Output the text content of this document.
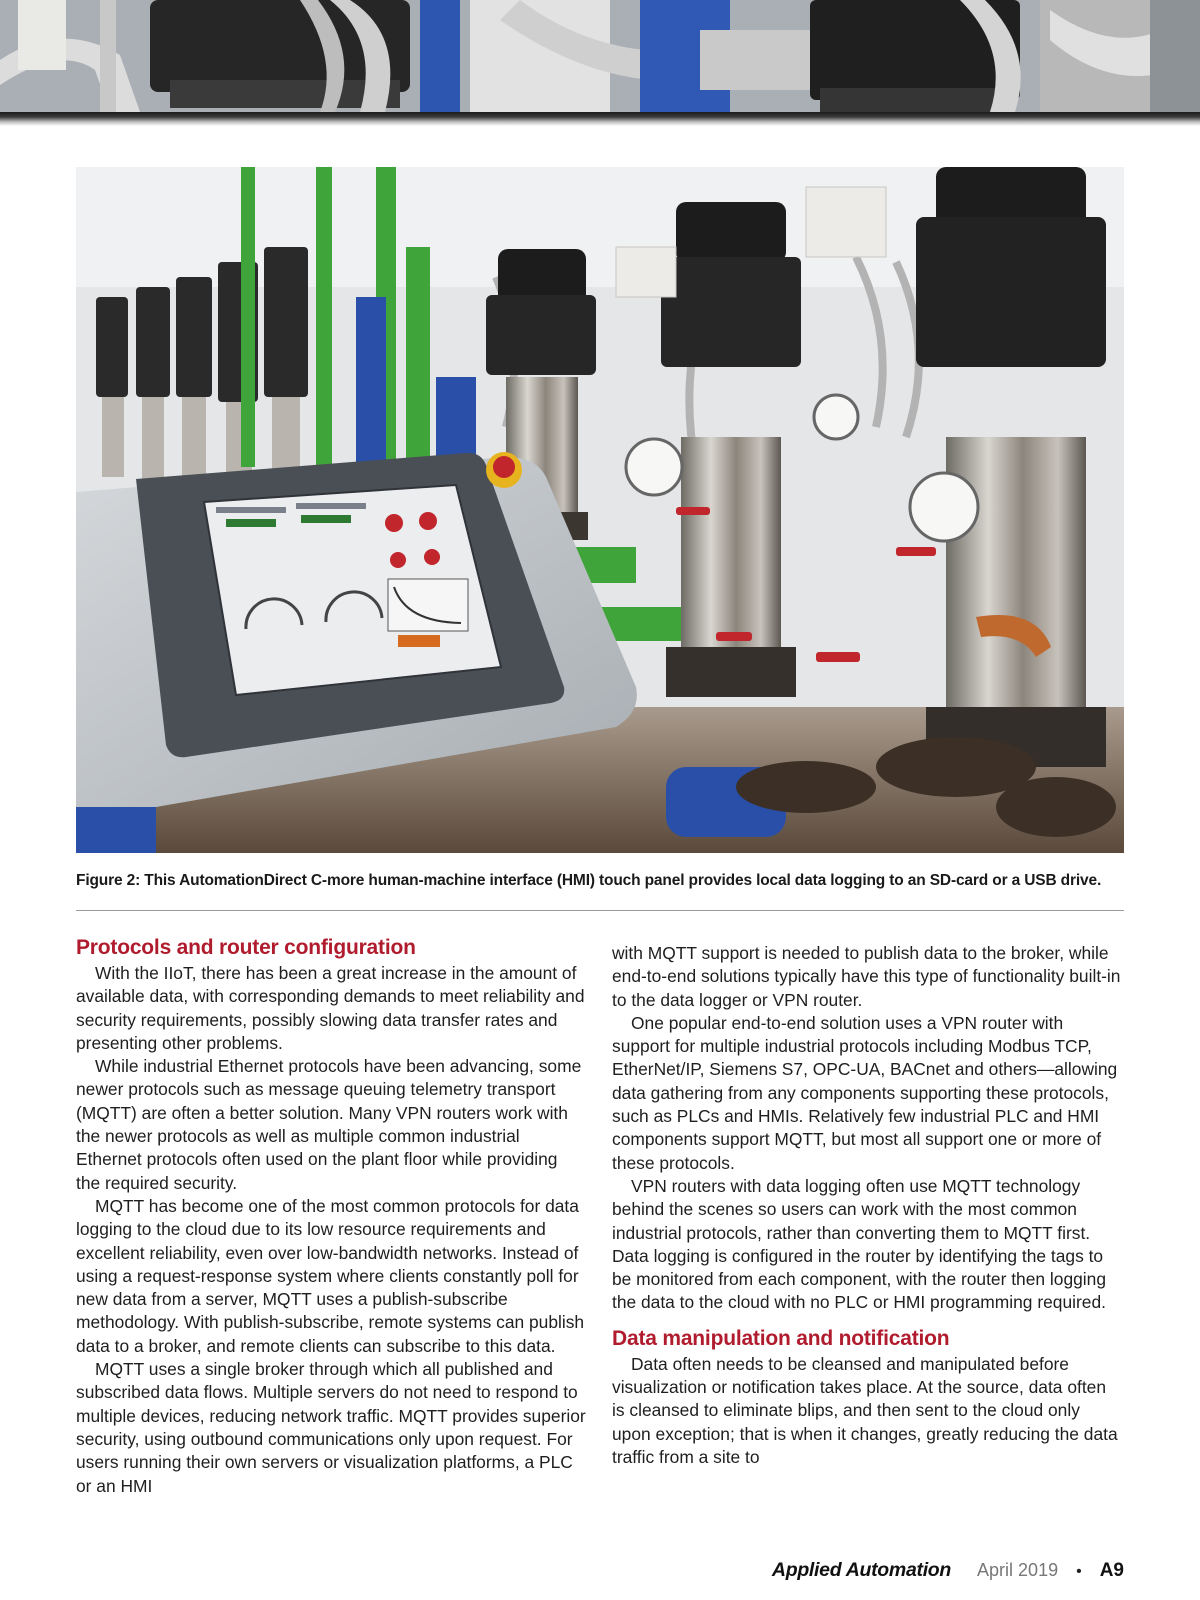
Figure 2: This AutomationDirect C-more human-machine interface (HMI) touch panel provides local data logging to an SD-card or a USB drive.
Protocols and router configuration

With the IIoT, there has been a great increase in the amount of available data, with corresponding demands to meet reliability and security requirements, possibly slowing data transfer rates and presenting other problems.

While industrial Ethernet protocols have been advancing, some newer protocols such as message queuing telemetry transport (MQTT) are often a better solution. Many VPN routers work with the newer protocols as well as multiple common industrial Ethernet protocols often used on the plant floor while providing the required security.

MQTT has become one of the most common protocols for data logging to the cloud due to its low resource requirements and excellent reliability, even over low-bandwidth networks. Instead of using a request-response system where clients constantly poll for new data from a server, MQTT uses a publish-subscribe methodology. With publish-subscribe, remote systems can publish data to a broker, and remote clients can subscribe to this data.

MQTT uses a single broker through which all published and subscribed data flows. Multiple servers do not need to respond to multiple devices, reducing network traffic. MQTT provides superior security, using outbound communications only upon request. For users running their own servers or visualization platforms, a PLC or an HMI

with MQTT support is needed to publish data to the broker, while end-to-end solutions typically have this type of functionality built-in to the data logger or VPN router.

One popular end-to-end solution uses a VPN router with support for multiple industrial protocols including Modbus TCP, EtherNet/IP, Siemens S7, OPC-UA, BACnet and others—allowing data gathering from any components supporting these protocols, such as PLCs and HMIs. Relatively few industrial PLC and HMI components support MQTT, but most all support one or more of these protocols.

VPN routers with data logging often use MQTT technology behind the scenes so users can work with the most common industrial protocols, rather than converting them to MQTT first. Data logging is configured in the router by identifying the tags to be monitored from each component, with the router then logging the data to the cloud with no PLC or HMI programming required.

Data manipulation and notification

Data often needs to be cleansed and manipulated before visualization or notification takes place. At the source, data often is cleansed to eliminate blips, and then sent to the cloud only upon exception; that is when it changes, greatly reducing the data traffic from a site to

Applied Automation April 2019 • A9
